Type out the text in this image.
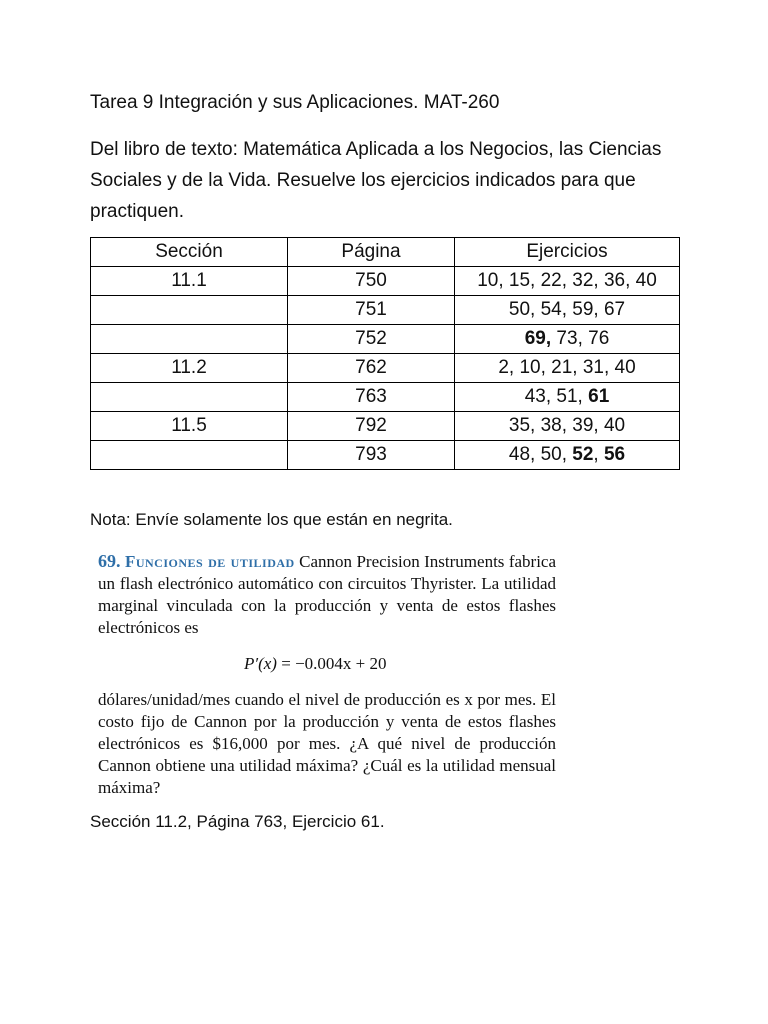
Tarea 9 Integración y sus Aplicaciones. MAT-260
Del libro de texto: Matemática Aplicada a los Negocios, las Ciencias Sociales y de la Vida. Resuelve los ejercicios indicados para que practiquen.
Sección	Página	Ejercicios
11.1	750	10, 15, 22, 32, 36, 40
	751	50, 54, 59, 67
	752	69, 73, 76
11.2	762	2, 10, 21, 31, 40
	763	43, 51, 61
11.5	792	35, 38, 39, 40
	793	48, 50, 52, 56
Nota: Envíe solamente los que están en negrita.

69. Funciones de utilidad Cannon Precision Instruments fabrica un flash electrónico automático con circuitos Thyrister. La utilidad marginal vinculada con la producción y venta de estos flashes electrónicos es

P′(x) = −0.004x + 20

dólares/unidad/mes cuando el nivel de producción es x por mes. El costo fijo de Cannon por la producción y venta de estos flashes electrónicos es $16,000 por mes. ¿A qué nivel de producción Cannon obtiene una utilidad máxima? ¿Cuál es la utilidad mensual máxima?

Sección 11.2, Página 763, Ejercicio 61.
